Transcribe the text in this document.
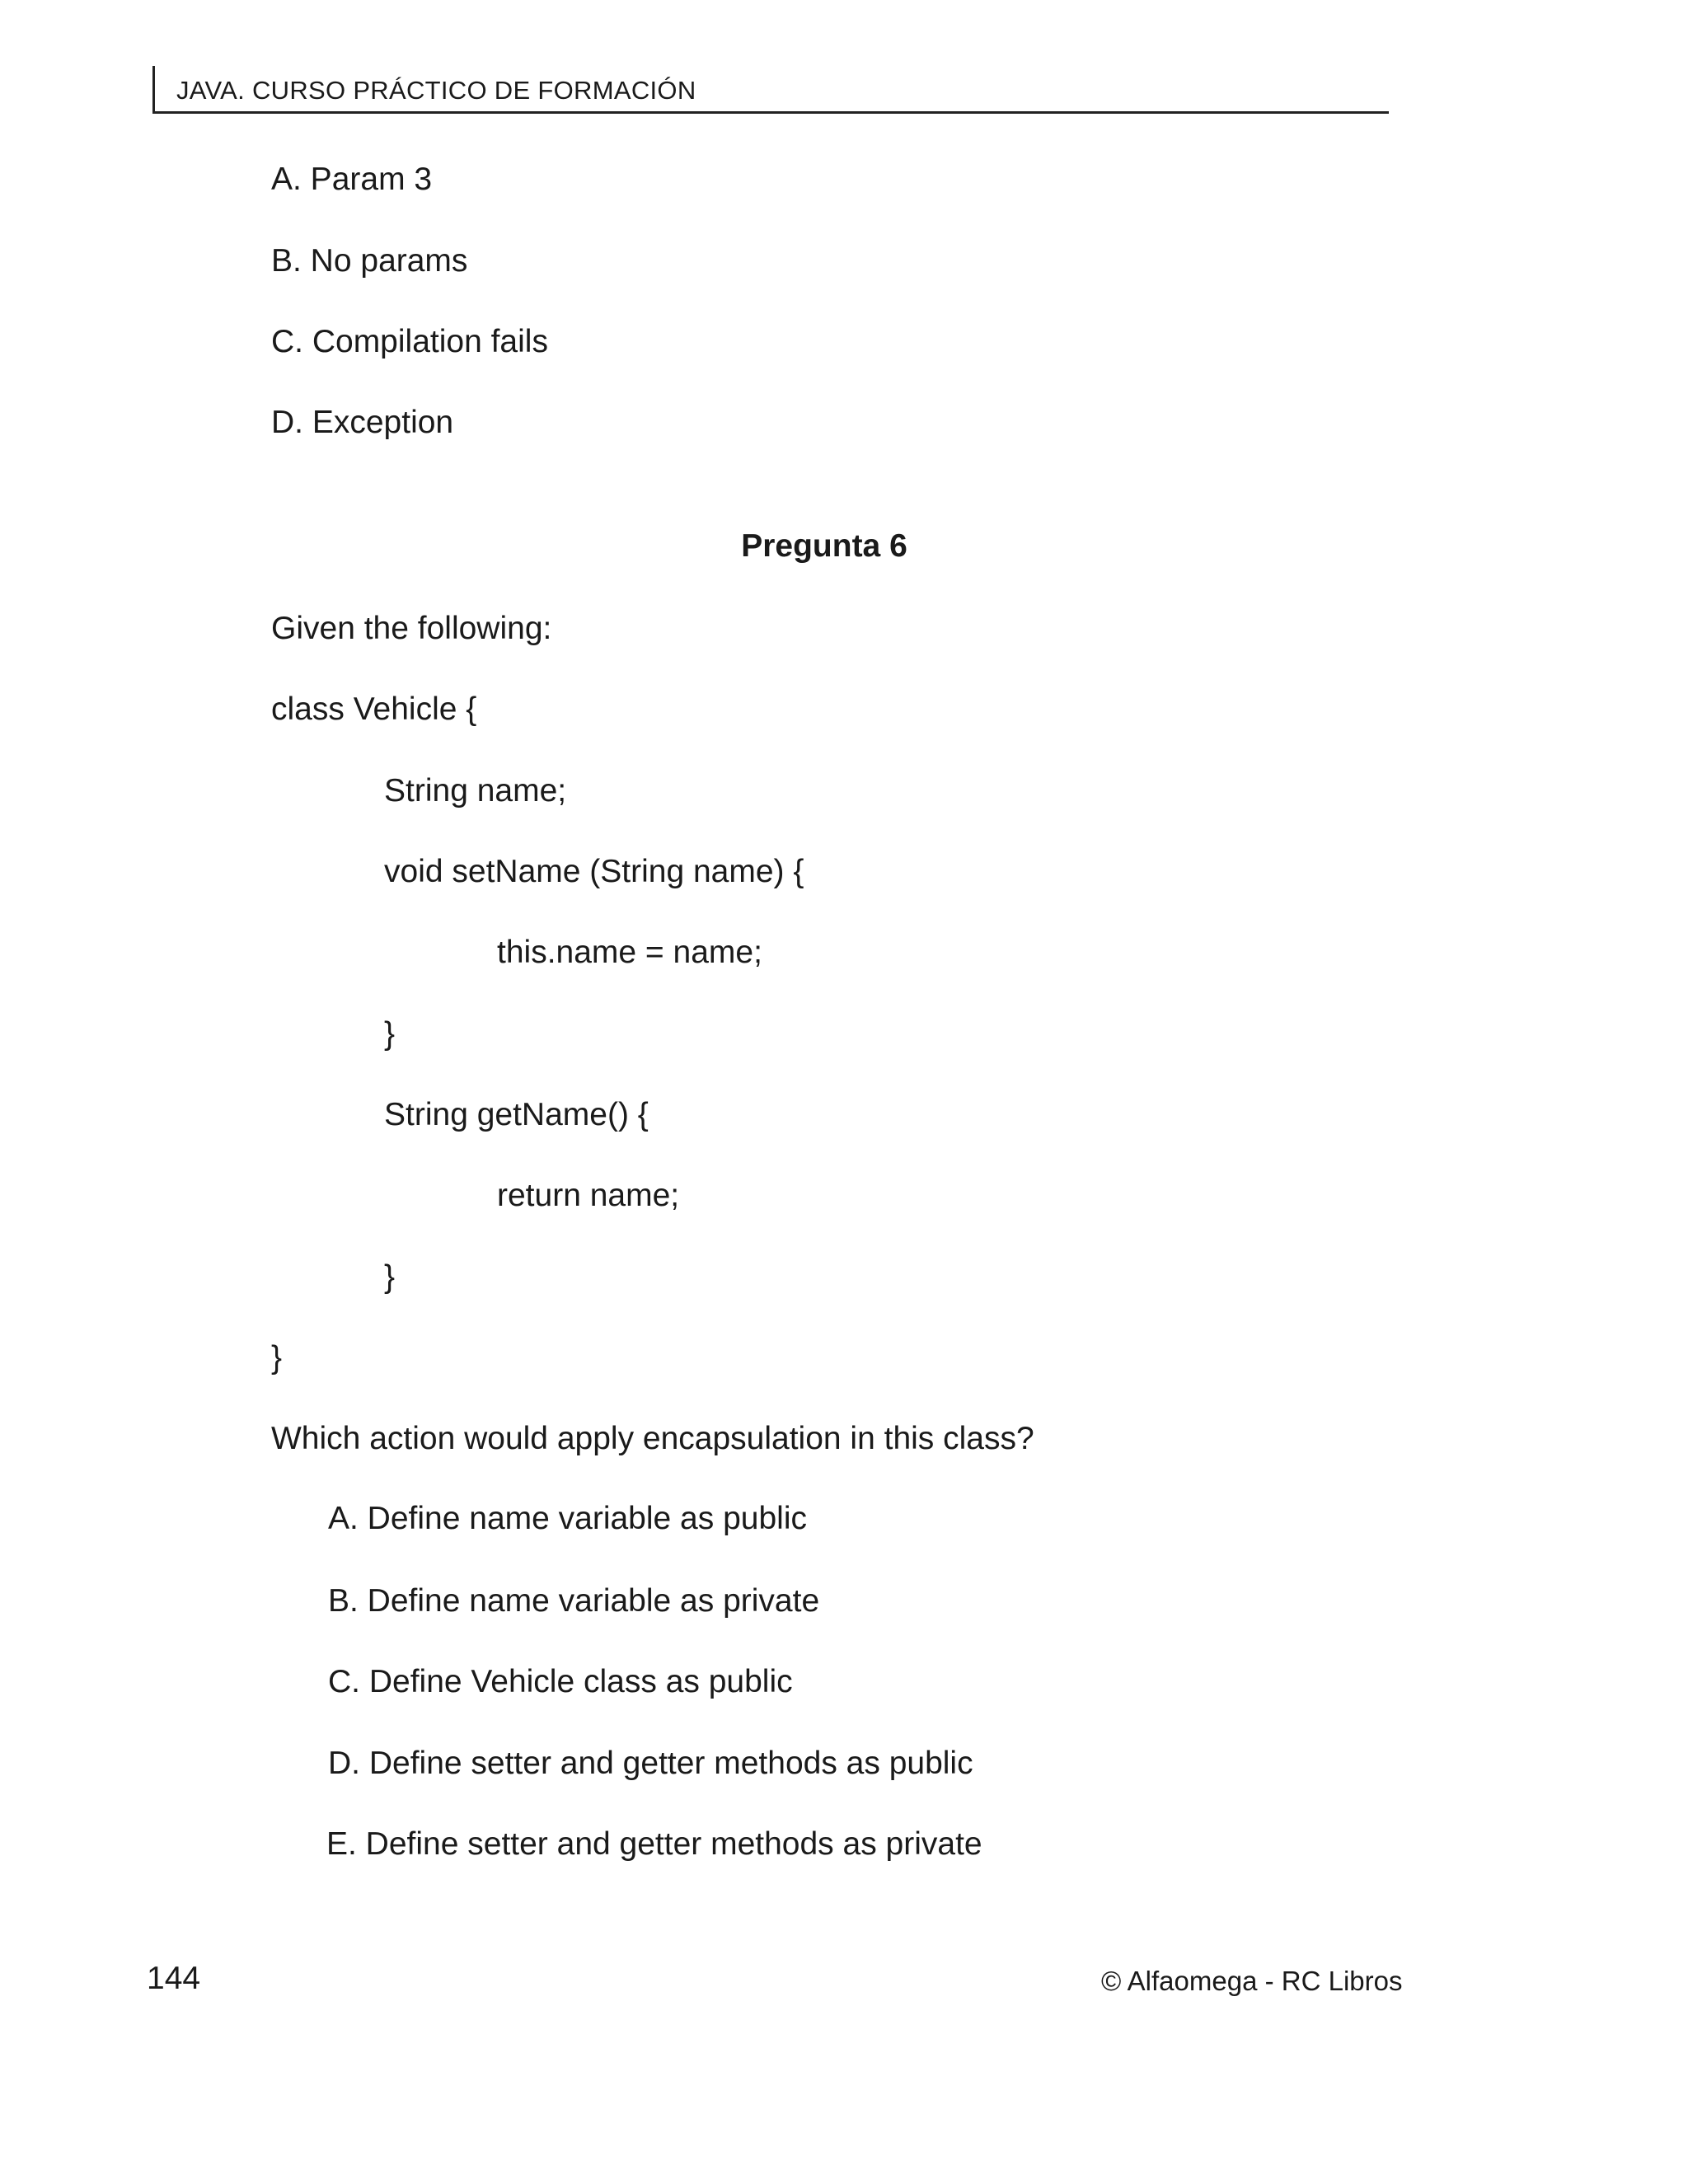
JAVA. CURSO PRÁCTICO DE FORMACIÓN
A. Param 3
B. No params
C. Compilation fails
D. Exception
Pregunta 6
Given the following:
class Vehicle {
String name;
void setName (String name) {
this.name = name;
}
String getName() {
return name;
}
}
Which action would apply encapsulation in this class?
A. Define name variable as public
B. Define name variable as private
C. Define Vehicle class as public
D. Define setter and getter methods as public
E. Define setter and getter methods as private
144	© Alfaomega - RC Libros
